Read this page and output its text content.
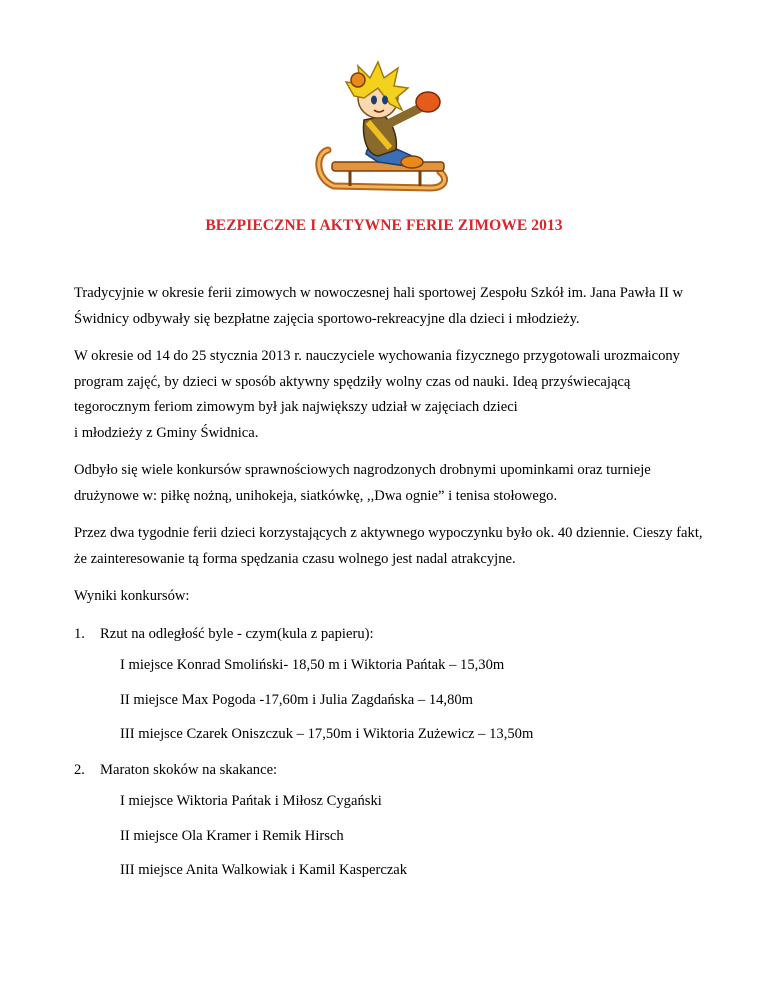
BEZPIECZNE I AKTYWNE FERIE ZIMOWE 2013

Tradycyjnie w okresie ferii zimowych w nowoczesnej hali sportowej Zespołu Szkół im. Jana Pawła II w Świdnicy odbywały się bezpłatne zajęcia sportowo-rekreacyjne dla dzieci i młodzieży.

W okresie od 14 do 25 stycznia 2013 r. nauczyciele wychowania fizycznego przygotowali urozmaicony program zajęć, by dzieci w sposób aktywny spędziły wolny czas od nauki. Ideą przyświecającą tegorocznym feriom zimowym był jak największy udział w zajęciach dzieci

i młodzieży z Gminy Świdnica.

Odbyło się wiele konkursów sprawnościowych nagrodzonych drobnymi upominkami oraz turnieje drużynowe w: piłkę nożną, unihokeja, siatkówkę, ,,Dwa ognie” i tenisa stołowego.

Przez dwa tygodnie ferii dzieci korzystających z aktywnego wypoczynku było ok. 40 dziennie. Cieszy fakt, że zainteresowanie tą forma spędzania czasu wolnego jest nadal atrakcyjne.

Wyniki konkursów:

1. Rzut na odległość byle - czym(kula z papieru):
I miejsce Konrad Smoliński- 18,50 m i Wiktoria Pańtak – 15,30m
II miejsce Max Pogoda -17,60m i Julia Zagdańska – 14,80m
III miejsce Czarek Oniszczuk – 17,50m i Wiktoria Zużewicz – 13,50m
2. Maraton skoków na skakance:
I miejsce Wiktoria Pańtak i Miłosz Cygański
II miejsce Ola Kramer i Remik Hirsch
III miejsce Anita Walkowiak i Kamil Kasperczak
